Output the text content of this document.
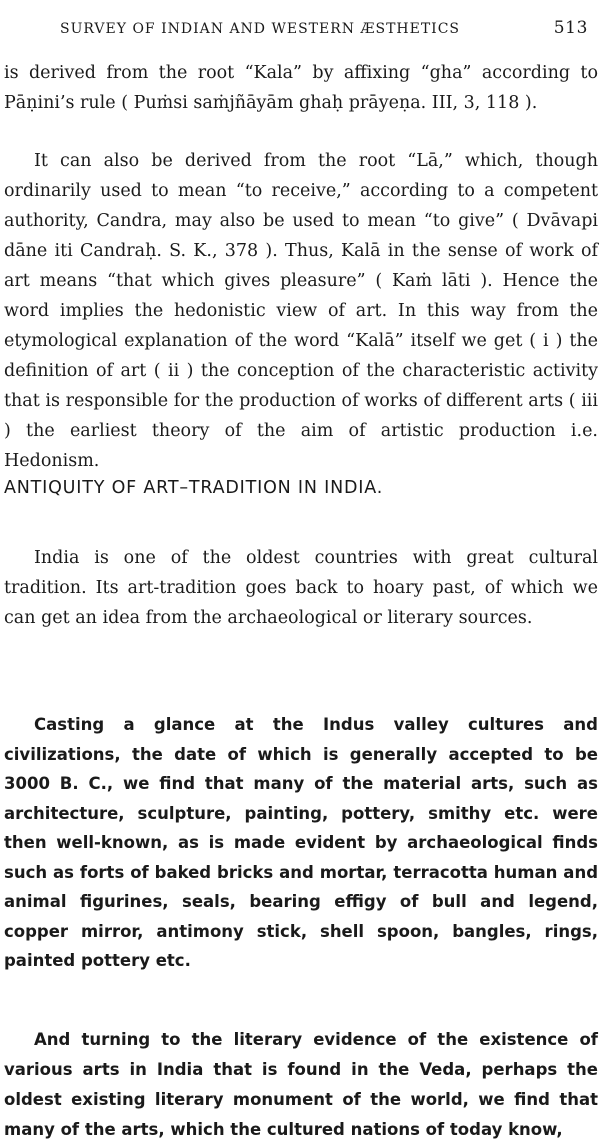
SURVEY OF INDIAN AND WESTERN ÆSTHETICS	513

is derived from the root “Kala” by affixing “gha” according to Pāṇini’s rule ( Puṁsi saṁjñāyām ghaḥ prāyeṇa. III, 3, 118 ).

It can also be derived from the root “Lā,” which, though ordinarily used to mean “to receive,” according to a competent authority, Candra, may also be used to mean “to give” ( Dvāvapi dāne iti Candraḥ. S. K., 378 ). Thus, Kalā in the sense of work of art means “that which gives pleasure” ( Kaṁ lāti ). Hence the word implies the hedonistic view of art. In this way from the etymological explanation of the word “Kalā” itself we get ( i ) the definition of art ( ii ) the conception of the characteristic activity that is responsible for the production of works of different arts ( iii ) the earliest theory of the aim of artistic production i.e. Hedonism.

ANTIQUITY OF ART–TRADITION IN INDIA.

India is one of the oldest countries with great cultural tradition. Its art-tradition goes back to hoary past, of which we can get an idea from the archaeological or literary sources.

Casting a glance at the Indus valley cultures and civilizations, the date of which is generally accepted to be 3000 B. C., we find that many of the material arts, such as architecture, sculpture, painting, pottery, smithy etc. were then well-known, as is made evident by archaeological finds such as forts of baked bricks and mortar, terracotta human and animal figurines, seals, bearing effigy of bull and legend, copper mirror, antimony stick, shell spoon, bangles, rings, painted pottery etc.

And turning to the literary evidence of the existence of various arts in India that is found in the Veda, perhaps the oldest existing literary monument of the world, we find that many of the arts, which the cultured nations of today know,
